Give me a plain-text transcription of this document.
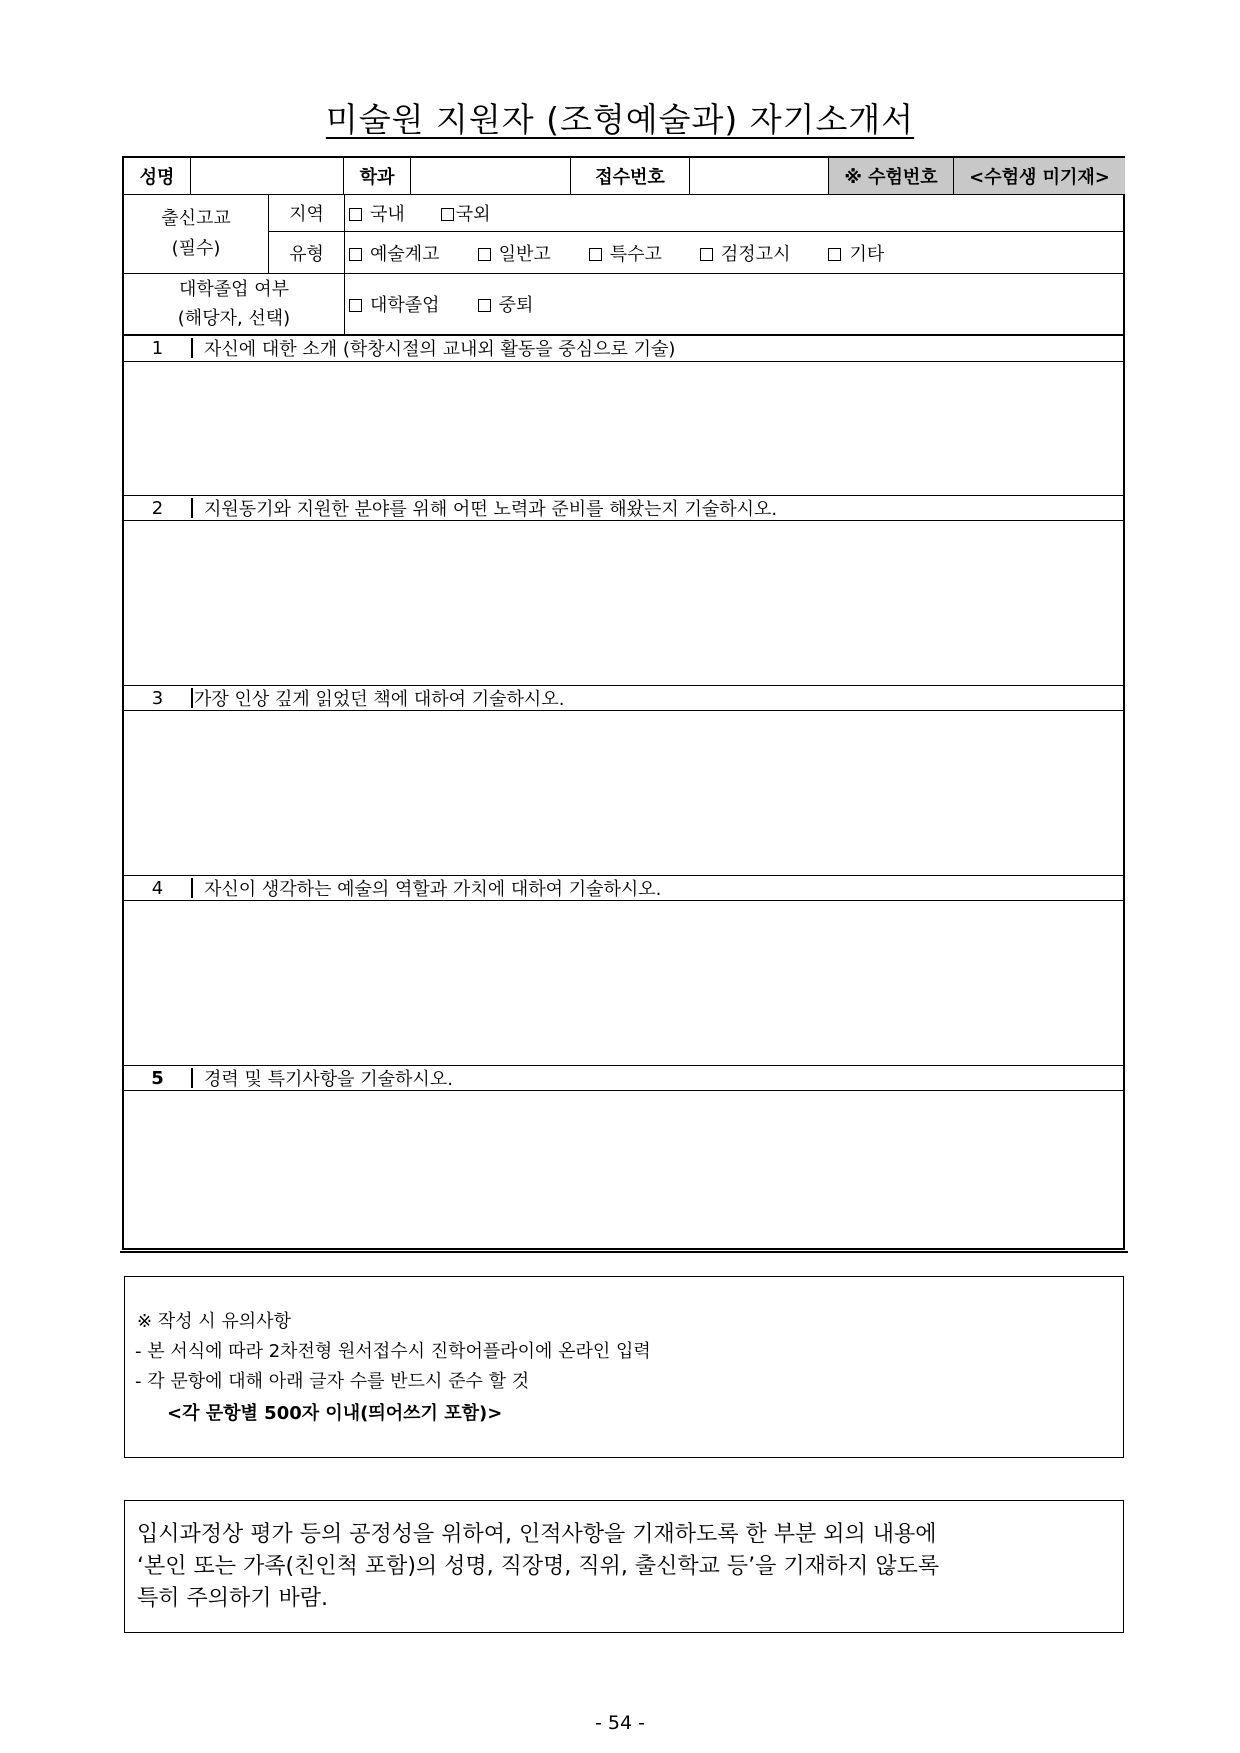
미술원 지원자 (조형예술과) 자기소개서
성명	학과	접수번호	※ 수험번호	<수험생 미기재>
출신고교
(필수)
지역	국내	국외
유형	예술계고	일반고	특수고	검정고시	기타
대학졸업 여부
(해당자, 선택)
대학졸업	중퇴
1	자신에 대한 소개 (학창시절의 교내외 활동을 중심으로 기술)
2	지원동기와 지원한 분야를 위해 어떤 노력과 준비를 해왔는지 기술하시오.
3	가장 인상 깊게 읽었던 책에 대하여 기술하시오.
4	자신이 생각하는 예술의 역할과 가치에 대하여 기술하시오.
5	경력 및 특기사항을 기술하시오.
※ 작성 시 유의사항
- 본 서식에 따라 2차전형 원서접수시 진학어플라이에 온라인 입력
- 각 문항에 대해 아래 글자 수를 반드시 준수 할 것
<각 문항별 500자 이내(띄어쓰기 포함)>
입시과정상 평가 등의 공정성을 위하여, 인적사항을 기재하도록 한 부분 외의 내용에
‘본인 또는 가족(친인척 포함)의 성명, 직장명, 직위, 출신학교 등’을 기재하지 않도록
특히 주의하기 바람.
- 54 -
